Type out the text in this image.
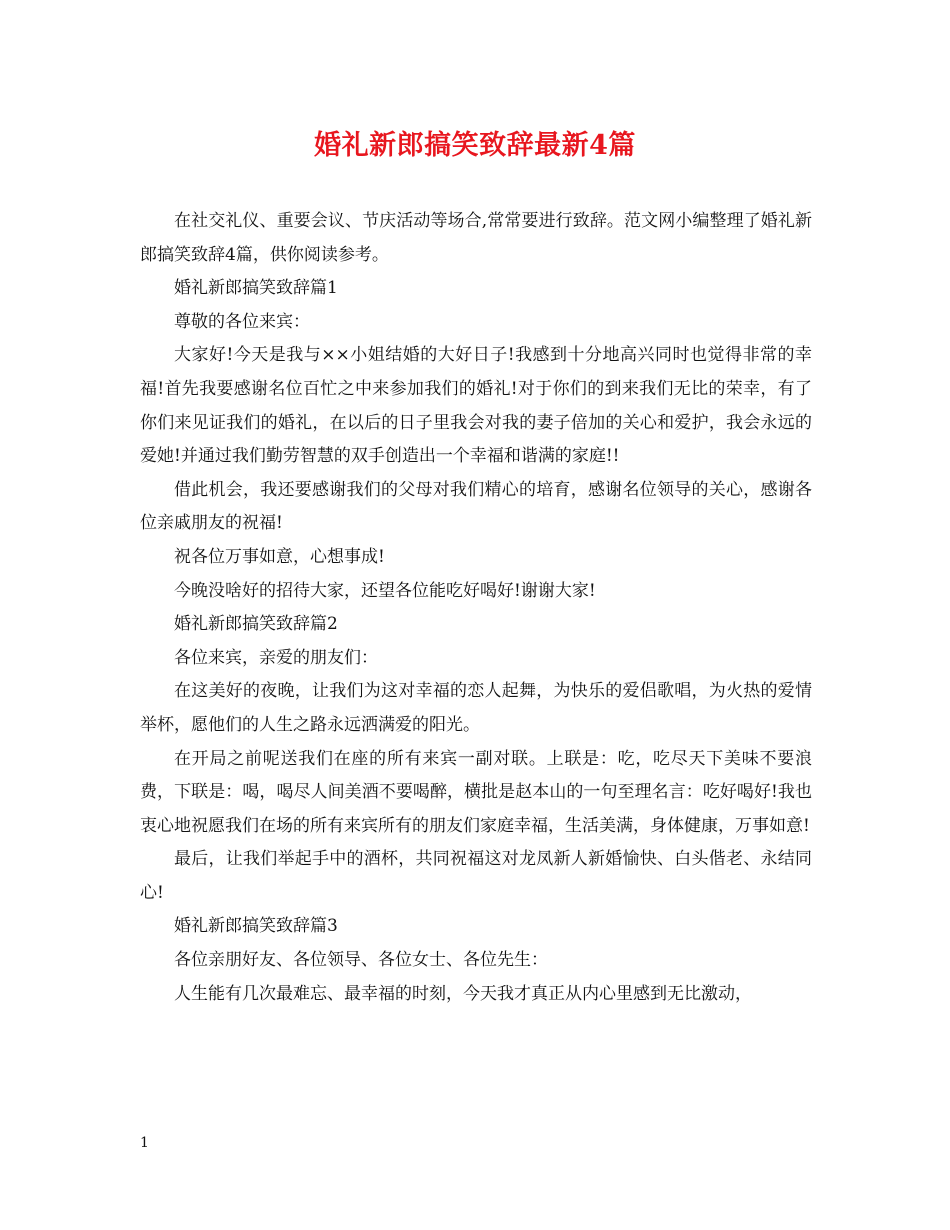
婚礼新郎搞笑致辞最新4篇

在社交礼仪、重要会议、节庆活动等场合,常常要进行致辞。范文网小编整理了婚礼新郎搞笑致辞4篇，供你阅读参考。

婚礼新郎搞笑致辞篇1

尊敬的各位来宾：

大家好!今天是我与××小姐结婚的大好日子!我感到十分地高兴同时也觉得非常的幸福!首先我要感谢名位百忙之中来参加我们的婚礼!对于你们的到来我们无比的荣幸，有了你们来见证我们的婚礼，在以后的日子里我会对我的妻子倍加的关心和爱护，我会永远的爱她!并通过我们勤劳智慧的双手创造出一个幸福和谐满的家庭!!

借此机会，我还要感谢我们的父母对我们精心的培育，感谢名位领导的关心，感谢各位亲戚朋友的祝福!

祝各位万事如意，心想事成!

今晚没啥好的招待大家，还望各位能吃好喝好!谢谢大家!

婚礼新郎搞笑致辞篇2

各位来宾，亲爱的朋友们：

在这美好的夜晚，让我们为这对幸福的恋人起舞，为快乐的爱侣歌唱，为火热的爱情举杯，愿他们的人生之路永远洒满爱的阳光。

在开局之前呢送我们在座的所有来宾一副对联。上联是：吃，吃尽天下美味不要浪费，下联是：喝，喝尽人间美酒不要喝醉，横批是赵本山的一句至理名言：吃好喝好!我也衷心地祝愿我们在场的所有来宾所有的朋友们家庭幸福，生活美满，身体健康，万事如意!

最后，让我们举起手中的酒杯，共同祝福这对龙凤新人新婚愉快、白头偕老、永结同心!

婚礼新郎搞笑致辞篇3

各位亲朋好友、各位领导、各位女士、各位先生：

人生能有几次最难忘、最幸福的时刻，今天我才真正从内心里感到无比激动，

1
